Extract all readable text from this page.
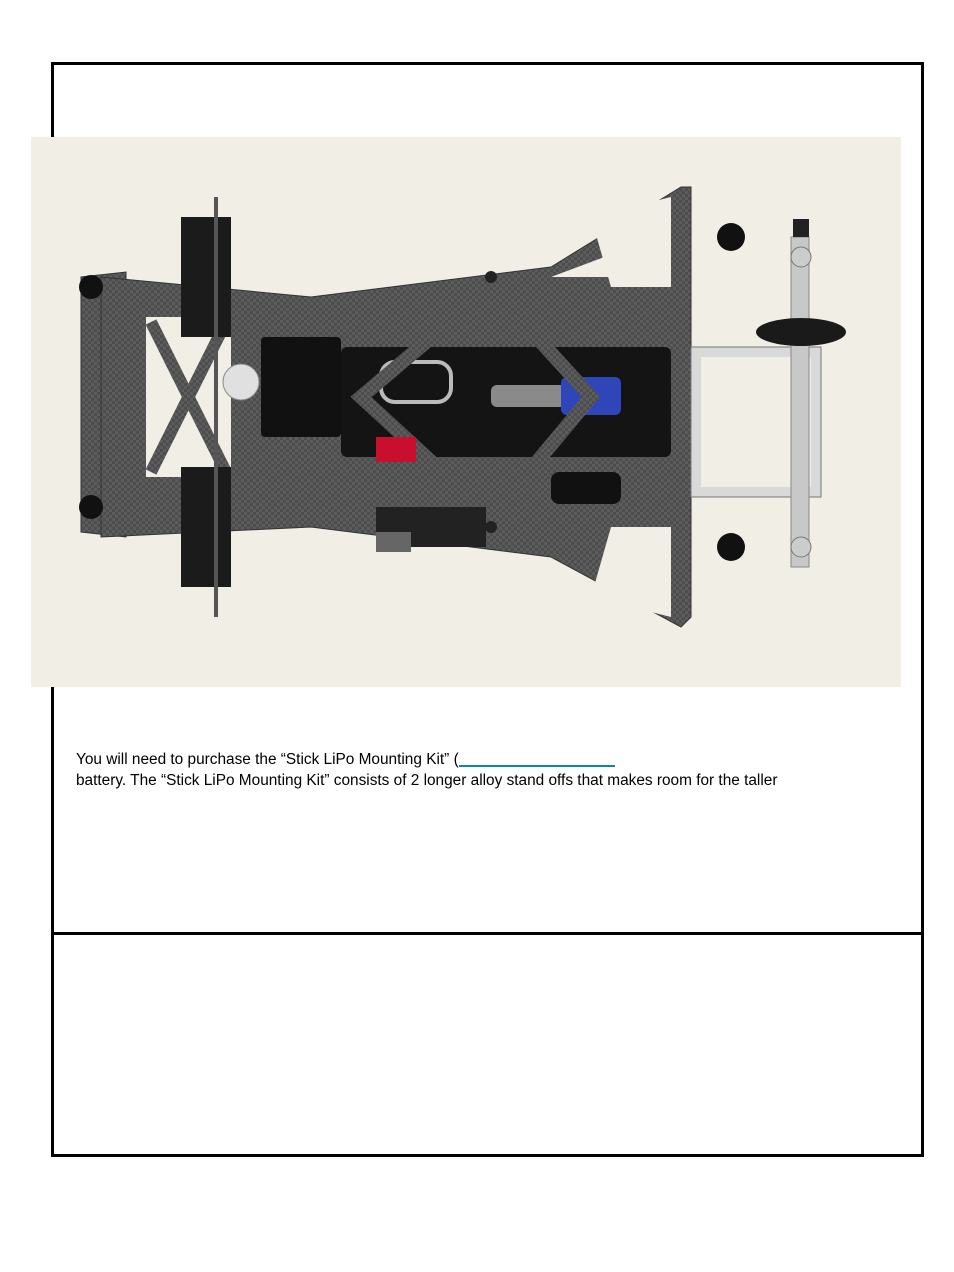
You will need to purchase the “Stick LiPo Mounting Kit” (
battery. The “Stick LiPo Mounting Kit” consists of 2 longer alloy stand offs that makes room for the taller
